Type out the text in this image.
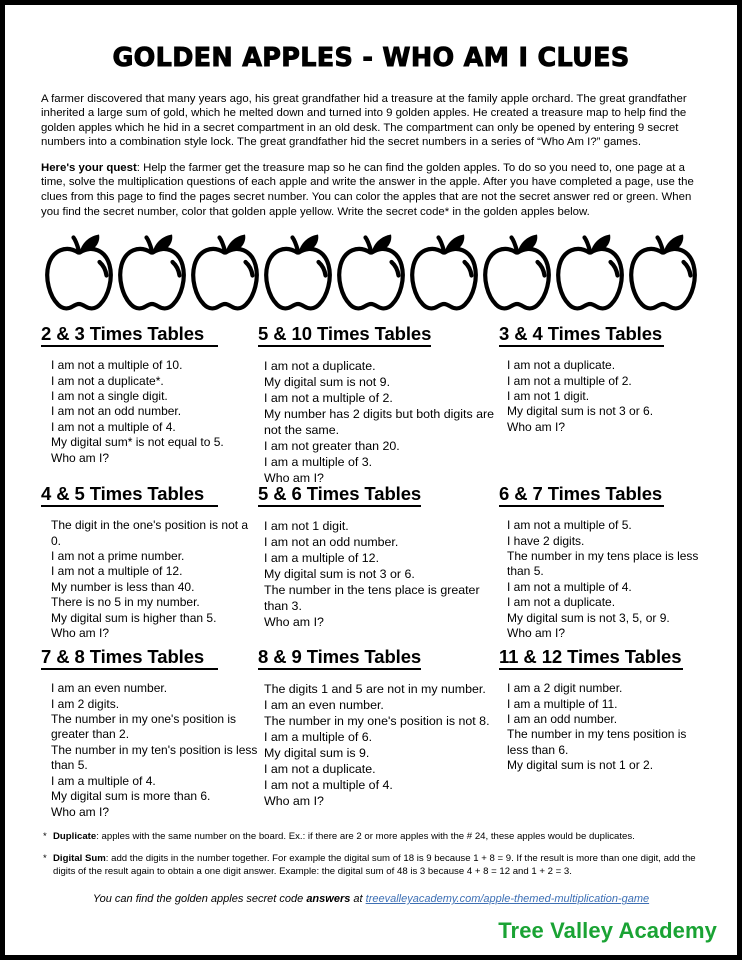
GOLDEN APPLES - WHO AM I CLUES

A farmer discovered that many years ago, his great grandfather hid a treasure at the family apple orchard. The great grandfather inherited a large sum of gold, which he melted down and turned into 9 golden apples. He created a treasure map to help find the golden apples which he hid in a secret compartment in an old desk. The compartment can only be opened by entering 9 secret numbers into a combination style lock. The great grandfather hid the secret numbers in a series of “Who Am I?” games.

Here's your quest: Help the farmer get the treasure map so he can find the golden apples. To do so you need to, one page at a time, solve the multiplication questions of each apple and write the answer in the apple. After you have completed a page, use the clues from this page to find the pages secret number. You can color the apples that are not the secret answer red or green. When you find the secret number, color that golden apple yellow. Write the secret code* in the golden apples below.

2 & 3 Times Tables
I am not a multiple of 10.
I am not a duplicate*.
I am not a single digit.
I am not an odd number.
I am not a multiple of 4.
My digital sum* is not equal to 5.
Who am I?
5 & 10 Times Tables
I am not a duplicate.
My digital sum is not 9.
I am not a multiple of 2.
My number has 2 digits but both digits are not the same.
I am not greater than 20.
I am a multiple of 3.
Who am I?
3 & 4 Times Tables
I am not a duplicate.
I am not a multiple of 2.
I am not 1 digit.
My digital sum is not 3 or 6.
Who am I?
4 & 5 Times Tables
The digit in the one's position is not a 0.
I am not a prime number.
I am not a multiple of 12.
My number is less than 40.
There is no 5 in my number.
My digital sum is higher than 5.
Who am I?
5 & 6 Times Tables
I am not 1 digit.
I am not an odd number.
I am a multiple of 12.
My digital sum is not 3 or 6.
The number in the tens place is greater than 3.
Who am I?
6 & 7 Times Tables
I am not a multiple of 5.
I have 2 digits.
The number in my tens place is less than 5.
I am not a multiple of 4.
I am not a duplicate.
My digital sum is not 3, 5, or 9.
Who am I?
7 & 8 Times Tables
I am an even number.
I am 2 digits.
The number in my one's position is greater than 2.
The number in my ten's position is less than 5.
I am a multiple of 4.
My digital sum is more than 6.
Who am I?
8 & 9 Times Tables
The digits 1 and 5 are not in my number.
I am an even number.
The number in my one's position is not 8.
I am a multiple of 6.
My digital sum is 9.
I am not a duplicate.
I am not a multiple of 4.
Who am I?
11 & 12 Times Tables
I am a 2 digit number.
I am a multiple of 11.
I am an odd number.
The number in my tens position is less than 6.
My digital sum is not 1 or 2.
* Duplicate: apples with the same number on the board. Ex.: if there are 2 or more apples with the # 24, these apples would be duplicates.
* Digital Sum: add the digits in the number together. For example the digital sum of 18 is 9 because 1 + 8 = 9. If the result is more than one digit, add the digits of the result again to obtain a one digit answer. Example: the digital sum of 48 is 3 because 4 + 8 = 12 and 1 + 2 = 3.
You can find the golden apples secret code answers at treevalleyacademy.com/apple-themed-multiplication-game
Tree Valley Academy
